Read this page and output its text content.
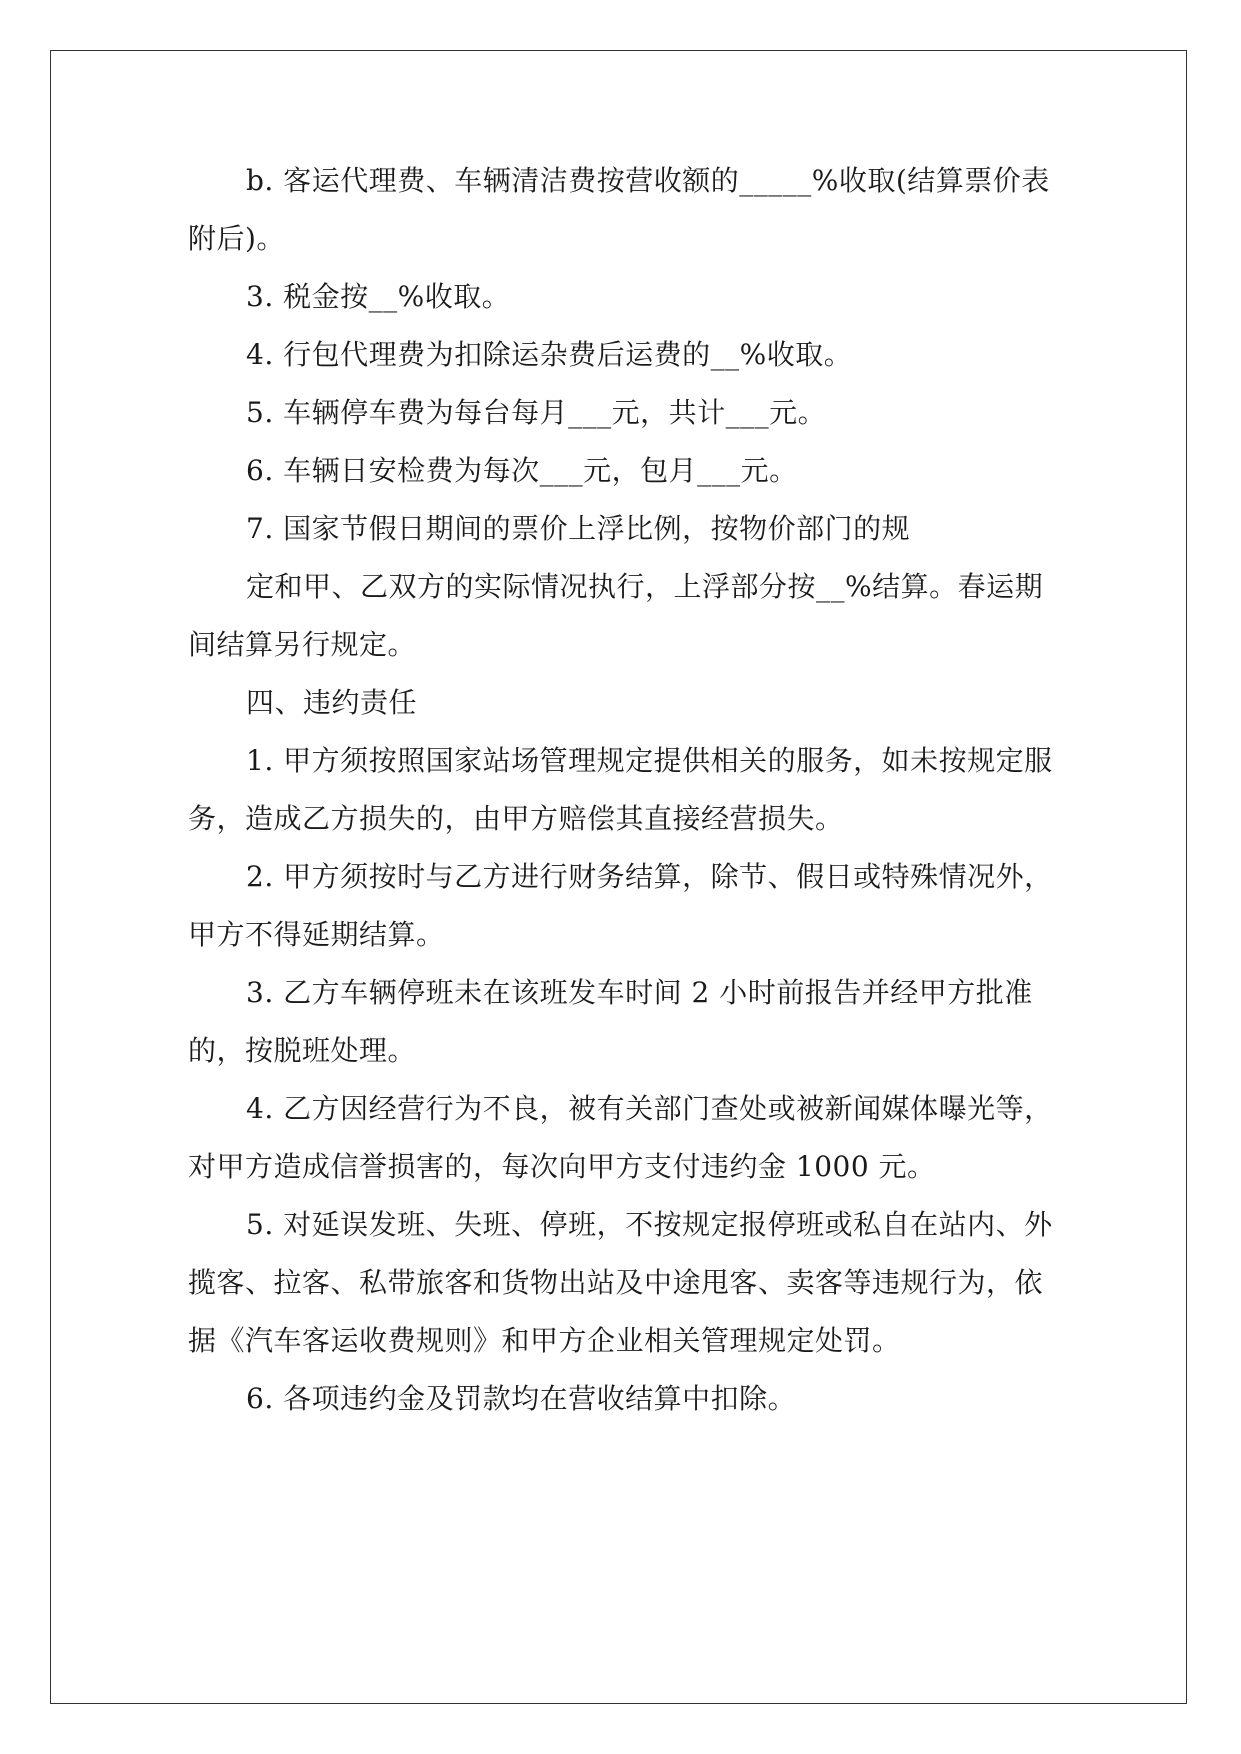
b. 客运代理费、车辆清洁费按营收额的_____%收取(结算票价表
附后)。
3. 税金按__%收取。
4. 行包代理费为扣除运杂费后运费的__%收取。
5. 车辆停车费为每台每月___元，共计___元。
6. 车辆日安检费为每次___元，包月___元。
7. 国家节假日期间的票价上浮比例，按物价部门的规
定和甲、乙双方的实际情况执行，上浮部分按__%结算。春运期
间结算另行规定。
四、违约责任
1. 甲方须按照国家站场管理规定提供相关的服务，如未按规定服
务，造成乙方损失的，由甲方赔偿其直接经营损失。
2. 甲方须按时与乙方进行财务结算，除节、假日或特殊情况外，
甲方不得延期结算。
3. 乙方车辆停班未在该班发车时间 2 小时前报告并经甲方批准
的，按脱班处理。
4. 乙方因经营行为不良，被有关部门查处或被新闻媒体曝光等，
对甲方造成信誉损害的，每次向甲方支付违约金 1000 元。
5. 对延误发班、失班、停班，不按规定报停班或私自在站内、外
揽客、拉客、私带旅客和货物出站及中途甩客、卖客等违规行为，依
据《汽车客运收费规则》和甲方企业相关管理规定处罚。
6. 各项违约金及罚款均在营收结算中扣除。
